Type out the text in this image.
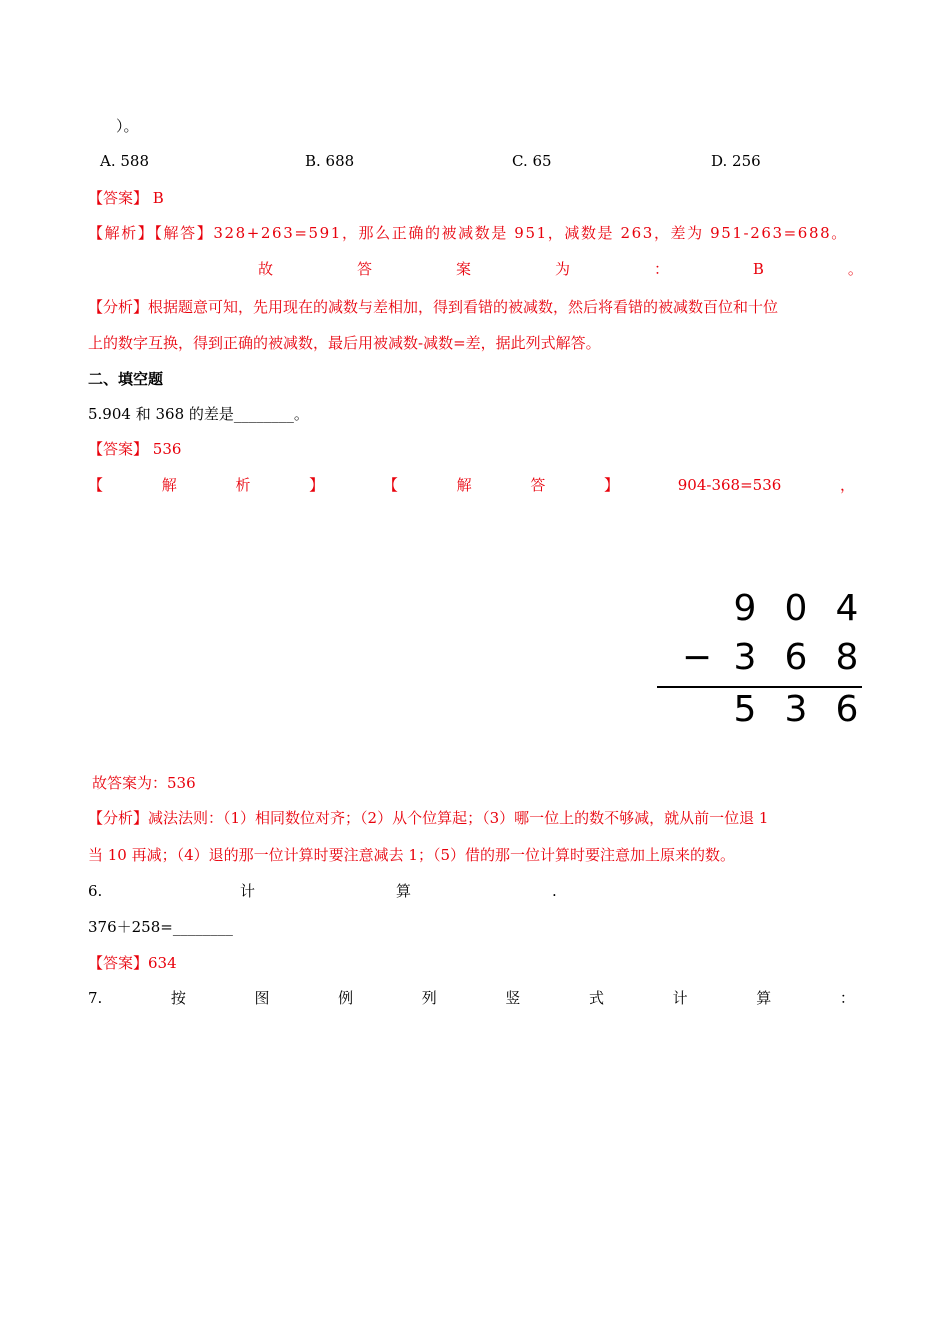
）。
A. 588	B. 688	C. 65	D. 256
【答案】 B
【解析】【解答】328+263=591，那么正确的被减数是 951，减数是 263，差为 951-263=688。
故	答	案	为	：	B	。
【分析】根据题意可知，先用现在的减数与差相加，得到看错的被减数，然后将看错的被减数百位和十位
上的数字互换，得到正确的被减数，最后用被减数-减数=差，据此列式解答。
二、填空题
5.904 和 368 的差是________。
【答案】 536
【	解	析	】	【	解	答	】	904-368=536	，
9 0 4
− 3 6 8
5 3 6
故答案为：536
【分析】减法法则：（1）相同数位对齐；（2）从个位算起；（3）哪一位上的数不够减，就从前一位退 1
当 10 再减；（4）退的那一位计算时要注意减去 1；（5）借的那一位计算时要注意加上原来的数。
6.	计	算	.
376＋258=________
【答案】634
7.	按	图	例	列	竖	式	计	算	：
